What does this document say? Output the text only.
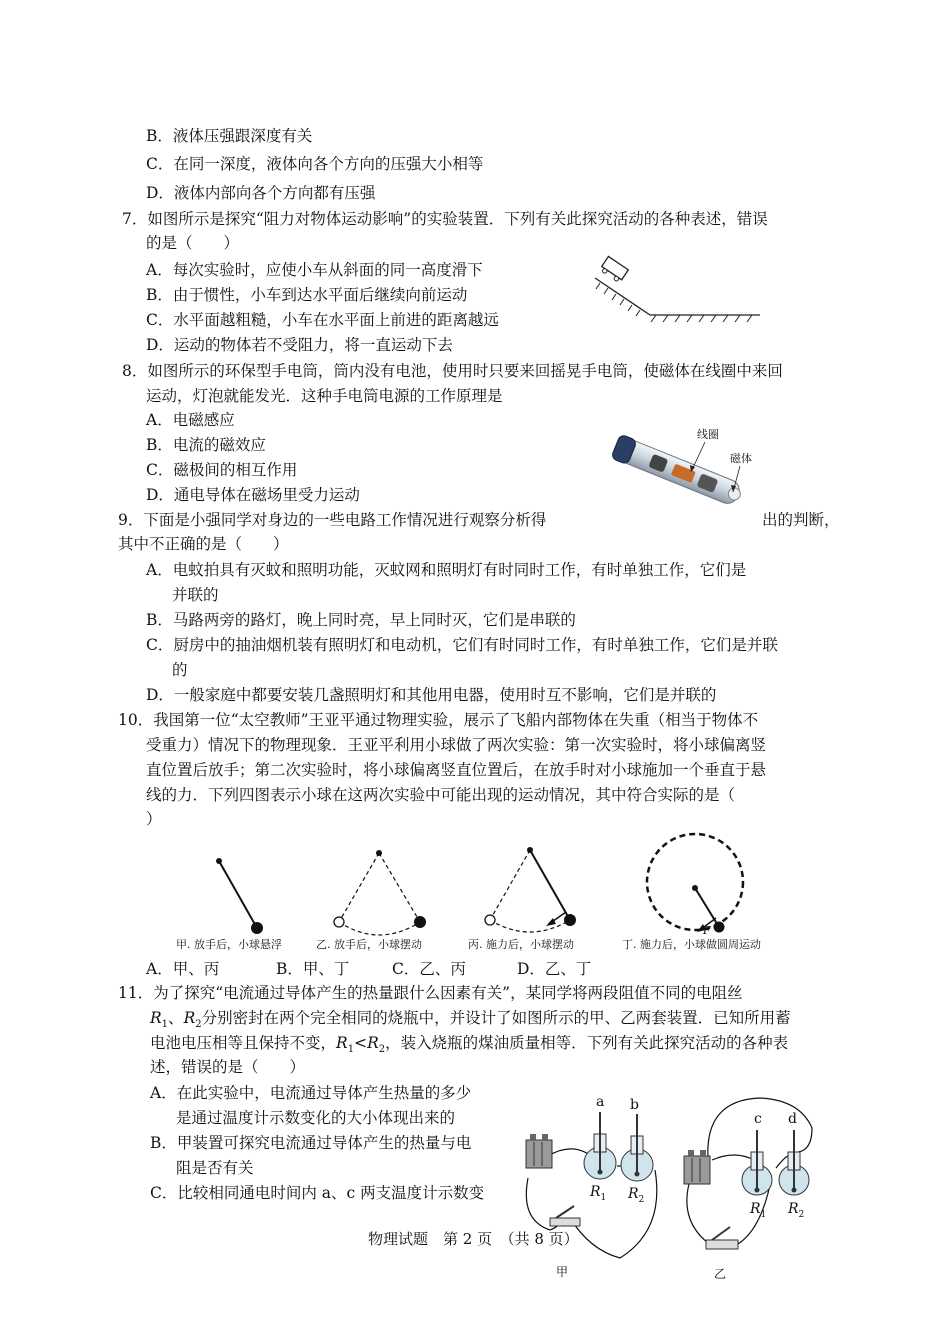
B．液体压强跟深度有关
C．在同一深度，液体向各个方向的压强大小相等
D．液体内部向各个方向都有压强
7．如图所示是探究“阻力对物体运动影响”的实验装置．下列有关此探究活动的各种表述，错误
的是（　　）
A．每次实验时，应使小车从斜面的同一高度滑下
B．由于惯性，小车到达水平面后继续向前运动
C．水平面越粗糙，小车在水平面上前进的距离越远
D．运动的物体若不受阻力，将一直运动下去
8．如图所示的环保型手电筒，筒内没有电池，使用时只要来回摇晃手电筒，使磁体在线圈中来回
运动，灯泡就能发光．这种手电筒电源的工作原理是
A．电磁感应
B．电流的磁效应
C．磁极间的相互作用
D．通电导体在磁场里受力运动
线圈
磁体
9．下面是小强同学对身边的一些电路工作情况进行观察分析得	出的判断，
其中不正确的是（　　）
A．电蚊拍具有灭蚊和照明功能，灭蚊网和照明灯有时同时工作，有时单独工作，它们是
并联的
B．马路两旁的路灯，晚上同时亮，早上同时灭，它们是串联的
C．厨房中的抽油烟机装有照明灯和电动机，它们有时同时工作，有时单独工作，它们是并联
的
D．一般家庭中都要安装几盏照明灯和其他用电器，使用时互不影响，它们是并联的
10．我国第一位“太空教师”王亚平通过物理实验，展示了飞船内部物体在失重（相当于物体不
受重力）情况下的物理现象．王亚平利用小球做了两次实验：第一次实验时，将小球偏离竖
直位置后放手；第二次实验时，将小球偏离竖直位置后，在放手时对小球施加一个垂直于悬
线的力．下列四图表示小球在这两次实验中可能出现的运动情况，其中符合实际的是（
）
F
甲. 放手后，小球悬浮	乙. 放手后，小球摆动	丙. 施力后，小球摆动	丁. 施力后，小球做圆周运动
A．甲、丙	B．甲、丁	C．乙、丙	D．乙、丁
11．为了探究“电流通过导体产生的热量跟什么因素有关”，某同学将两段阻值不同的电阻丝
$R_1$、$R_2$分别密封在两个完全相同的烧瓶中，并设计了如图所示的甲、乙两套装置．已知所用蓄
电池电压相等且保持不变，$R_1<R_2$，装入烧瓶的煤油质量相等．下列有关此探究活动的各种表
述，错误的是（　　）
A．在此实验中，电流通过导体产生热量的多少
是通过温度计示数变化的大小体现出来的
B．甲装置可探究电流通过导体产生的热量与电
阻是否有关
C．比较相同通电时间内 a、c 两支温度计示数变
a b
c d
$R_1$ $R_2$
$R_1$ $R_2$
甲	乙
物理试题　第 2 页　（共 8 页）
